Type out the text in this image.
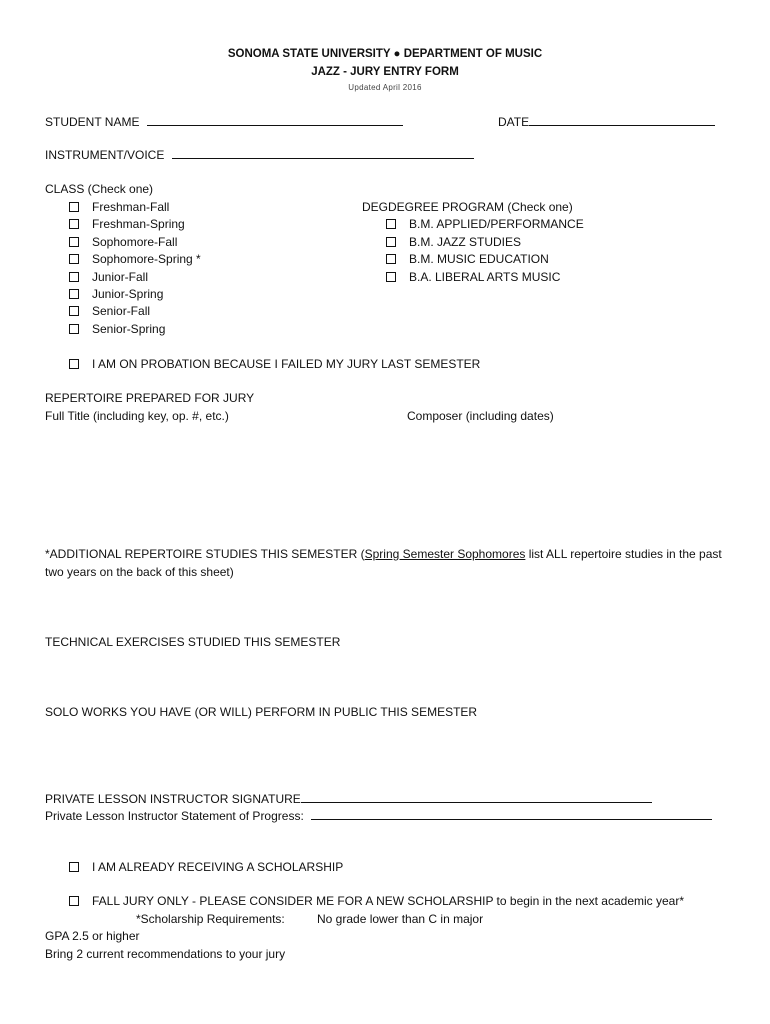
SONOMA STATE UNIVERSITY ● DEPARTMENT OF MUSIC
JAZZ - JURY ENTRY FORM
Updated April 2016
STUDENT NAME	DATE
INSTRUMENT/VOICE
CLASS (Check one)
Freshman-Fall
Freshman-Spring
Sophomore-Fall
Sophomore-Spring *
Junior-Fall
Junior-Spring
Senior-Fall
Senior-Spring
DEGDEGREE PROGRAM (Check one)
B.M. APPLIED/PERFORMANCE
B.M. JAZZ STUDIES
B.M. MUSIC EDUCATION
B.A. LIBERAL ARTS MUSIC
I AM ON PROBATION BECAUSE I FAILED MY JURY LAST SEMESTER
REPERTOIRE PREPARED FOR JURY
Full Title (including key, op. #, etc.)	Composer (including dates)
*ADDITIONAL REPERTOIRE STUDIES THIS SEMESTER (Spring Semester Sophomores list ALL repertoire studies in the past
two years on the back of this sheet)
TECHNICAL EXERCISES STUDIED THIS SEMESTER
SOLO WORKS YOU HAVE (OR WILL) PERFORM IN PUBLIC THIS SEMESTER
PRIVATE LESSON INSTRUCTOR SIGNATURE
Private Lesson Instructor Statement of Progress:
I AM ALREADY RECEIVING A SCHOLARSHIP
FALL JURY ONLY - PLEASE CONSIDER ME FOR A NEW SCHOLARSHIP to begin in the next academic year*
*Scholarship Requirements:	No grade lower than C in major
GPA 2.5 or higher
Bring 2 current recommendations to your jury
